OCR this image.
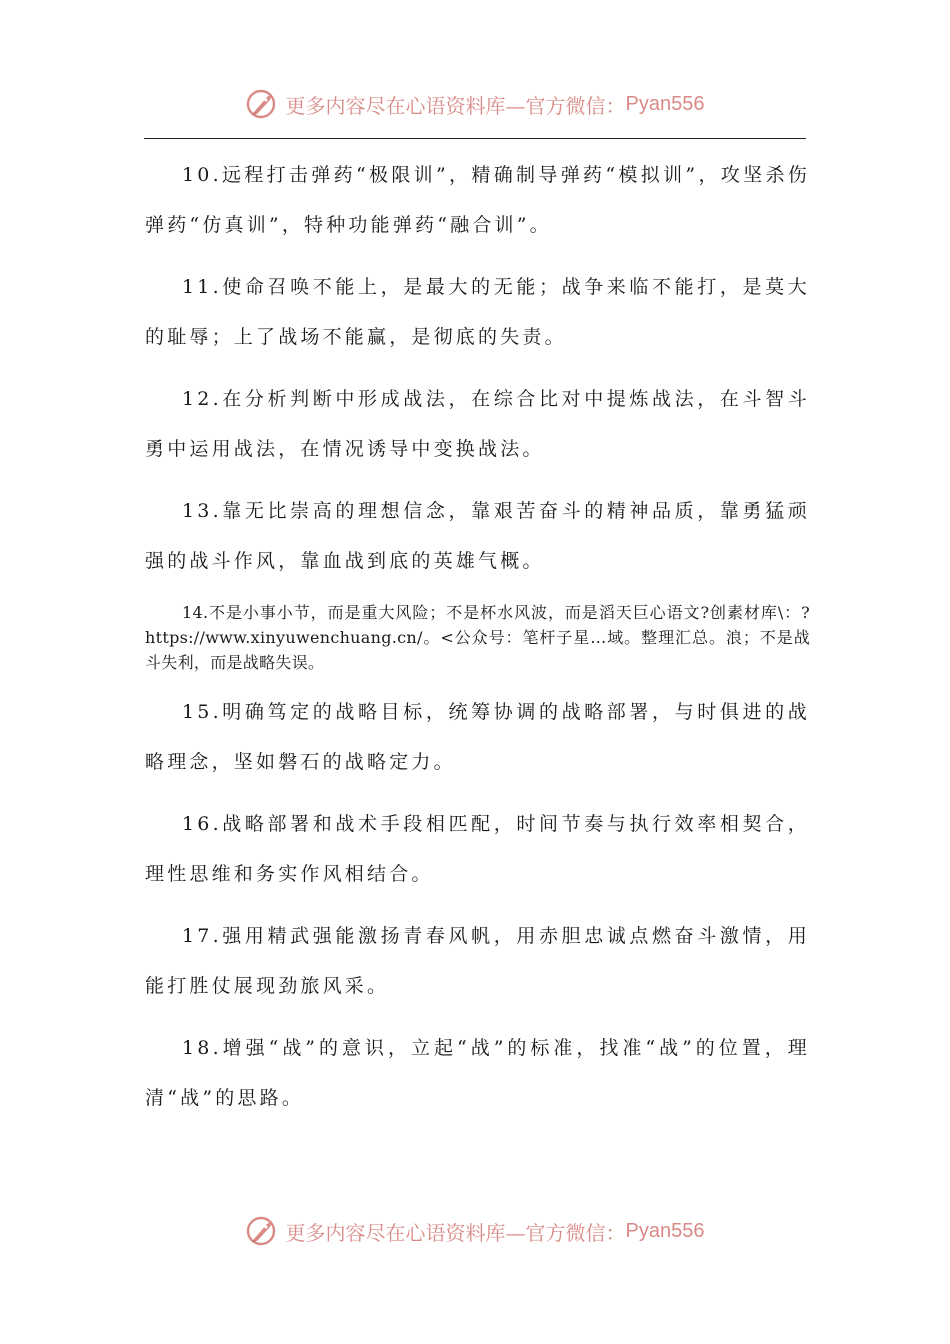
更多内容尽在心语资料库—官方微信： Pyan556

10.远程打击弹药“极限训”，精确制导弹药“模拟训”，攻坚杀伤弹药“仿真训”，特种功能弹药“融合训”。

11.使命召唤不能上，是最大的无能；战争来临不能打，是莫大的耻辱；上了战场不能赢，是彻底的失责。

12.在分析判断中形成战法，在综合比对中提炼战法，在斗智斗勇中运用战法，在情况诱导中变换战法。

13.靠无比崇高的理想信念，靠艰苦奋斗的精神品质，靠勇猛顽强的战斗作风，靠血战到底的英雄气概。

14.不是小事小节，而是重大风险；不是杯水风波，而是滔天巨心语文?创素材库\：?https://www.xinyuwenchuang.cn/。<公众号：笔杆子星…域。整理汇总。浪；不是战斗失利，而是战略失误。

15.明确笃定的战略目标，统筹协调的战略部署，与时俱进的战略理念，坚如磐石的战略定力。

16.战略部署和战术手段相匹配，时间节奏与执行效率相契合，理性思维和务实作风相结合。

17.强用精武强能激扬青春风帆，用赤胆忠诚点燃奋斗激情，用能打胜仗展现劲旅风采。

18.增强“战”的意识，立起“战”的标准，找准“战”的位置，理清“战”的思路。

更多内容尽在心语资料库—官方微信： Pyan556
